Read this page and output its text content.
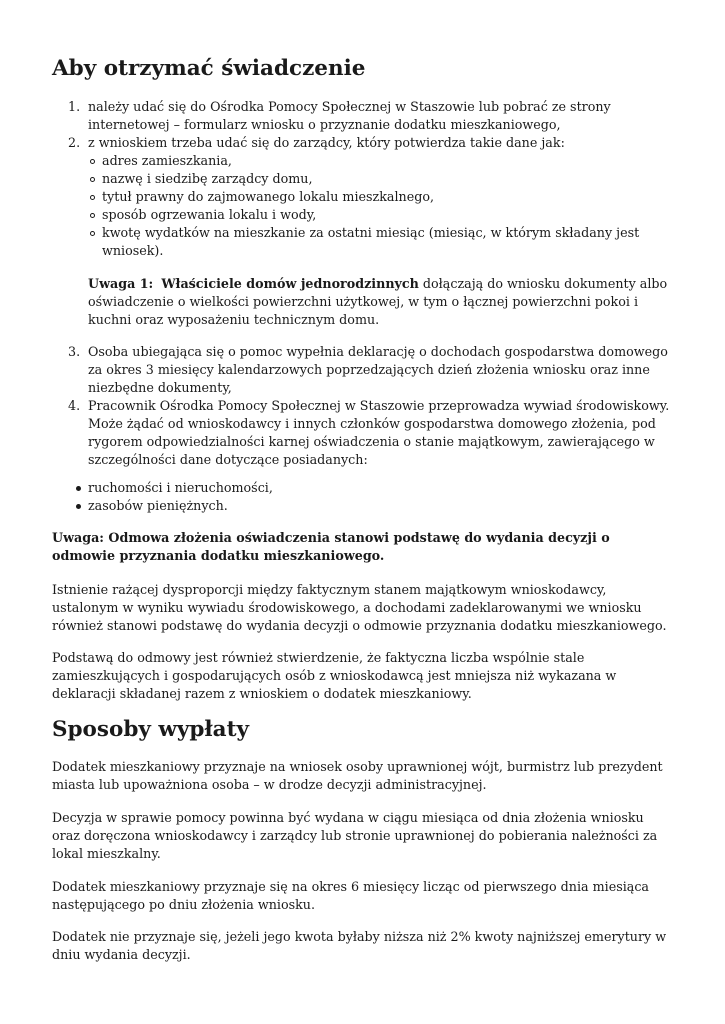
Aby otrzymać świadczenie
1. należy udać się do Ośrodka Pomocy Społecznej w Staszowie lub pobrać ze strony internetowej – formularz wniosku o przyznanie dodatku mieszkaniowego,
2. z wnioskiem trzeba udać się do zarządcy, który potwierdza takie dane jak:
adres zamieszkania,
nazwę i siedzibę zarządcy domu,
tytuł prawny do zajmowanego lokalu mieszkalnego,
sposób ogrzewania lokalu i wody,
kwotę wydatków na mieszkanie za ostatni miesiąc (miesiąc, w którym składany jest wniosek).

Uwaga 1: Właściciele domów jednorodzinnych dołączają do wniosku dokumenty albo oświadczenie o wielkości powierzchni użytkowej, w tym o łącznej powierzchni pokoi i kuchni oraz wyposażeniu technicznym domu.

3. Osoba ubiegająca się o pomoc wypełnia deklarację o dochodach gospodarstwa domowego za okres 3 miesięcy kalendarzowych poprzedzających dzień złożenia wniosku oraz inne niezbędne dokumenty,
4. Pracownik Ośrodka Pomocy Społecznej w Staszowie przeprowadza wywiad środowiskowy. Może żądać od wnioskodawcy i innych członków gospodarstwa domowego złożenia, pod rygorem odpowiedzialności karnej oświadczenia o stanie majątkowym, zawierającego w szczególności dane dotyczące posiadanych:
ruchomości i nieruchomości,
zasobów pieniężnych.

Uwaga: Odmowa złożenia oświadczenia stanowi podstawę do wydania decyzji o odmowie przyznania dodatku mieszkaniowego.

Istnienie rażącej dysproporcji między faktycznym stanem majątkowym wnioskodawcy, ustalonym w wyniku wywiadu środowiskowego, a dochodami zadeklarowanymi we wniosku również stanowi podstawę do wydania decyzji o odmowie przyznania dodatku mieszkaniowego.

Podstawą do odmowy jest również stwierdzenie, że faktyczna liczba wspólnie stale zamieszkujących i gospodarujących osób z wnioskodawcą jest mniejsza niż wykazana w deklaracji składanej razem z wnioskiem o dodatek mieszkaniowy.

Sposoby wypłaty

Dodatek mieszkaniowy przyznaje na wniosek osoby uprawnionej wójt, burmistrz lub prezydent miasta lub upoważniona osoba – w drodze decyzji administracyjnej.

Decyzja w sprawie pomocy powinna być wydana w ciągu miesiąca od dnia złożenia wniosku oraz doręczona wnioskodawcy i zarządcy lub stronie uprawnionej do pobierania należności za lokal mieszkalny.

Dodatek mieszkaniowy przyznaje się na okres 6 miesięcy licząc od pierwszego dnia miesiąca następującego po dniu złożenia wniosku.

Dodatek nie przyznaje się, jeżeli jego kwota byłaby niższa niż 2% kwoty najniższej emerytury w dniu wydania decyzji.
